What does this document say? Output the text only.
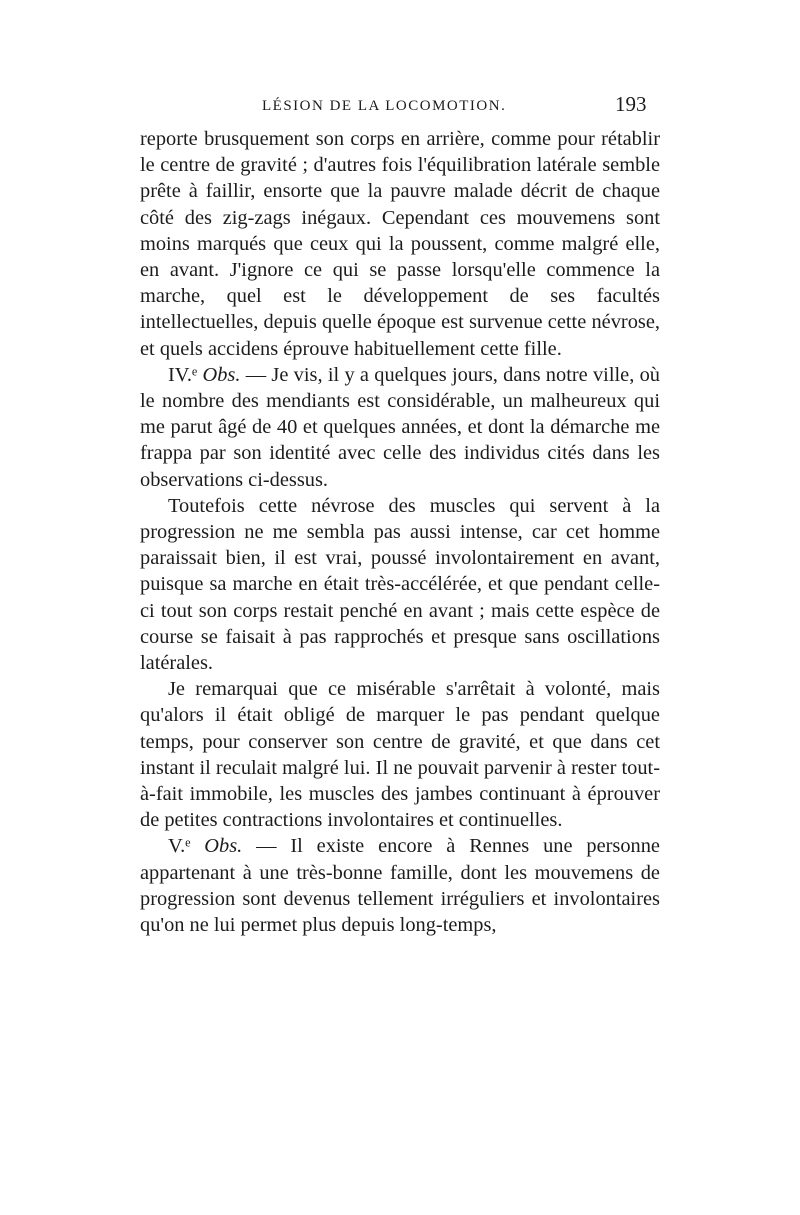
LÉSION DE LA LOCOMOTION.	193

reporte brusquement son corps en arrière, comme pour rétablir le centre de gravité ; d'autres fois l'équilibration latérale semble prête à faillir, ensorte que la pauvre malade décrit de chaque côté des zig-zags inégaux. Cependant ces mouvemens sont moins marqués que ceux qui la poussent, comme malgré elle, en avant. J'ignore ce qui se passe lorsqu'elle commence la marche, quel est le développement de ses facultés intellectuelles, depuis quelle époque est survenue cette névrose, et quels accidens éprouve habituellement cette fille.

IV.ᵉ Obs. — Je vis, il y a quelques jours, dans notre ville, où le nombre des mendiants est considérable, un malheureux qui me parut âgé de 40 et quelques années, et dont la démarche me frappa par son identité avec celle des individus cités dans les observations ci-dessus.

Toutefois cette névrose des muscles qui servent à la progression ne me sembla pas aussi intense, car cet homme paraissait bien, il est vrai, poussé involontairement en avant, puisque sa marche en était très-accélérée, et que pendant celle-ci tout son corps restait penché en avant ; mais cette espèce de course se faisait à pas rapprochés et presque sans oscillations latérales.

Je remarquai que ce misérable s'arrêtait à volonté, mais qu'alors il était obligé de marquer le pas pendant quelque temps, pour conserver son centre de gravité, et que dans cet instant il reculait malgré lui. Il ne pouvait parvenir à rester tout-à-fait immobile, les muscles des jambes continuant à éprouver de petites contractions involontaires et continuelles.

V.ᵉ Obs. — Il existe encore à Rennes une personne appartenant à une très-bonne famille, dont les mouvemens de progression sont devenus tellement irréguliers et involontaires qu'on ne lui permet plus depuis long-temps,
